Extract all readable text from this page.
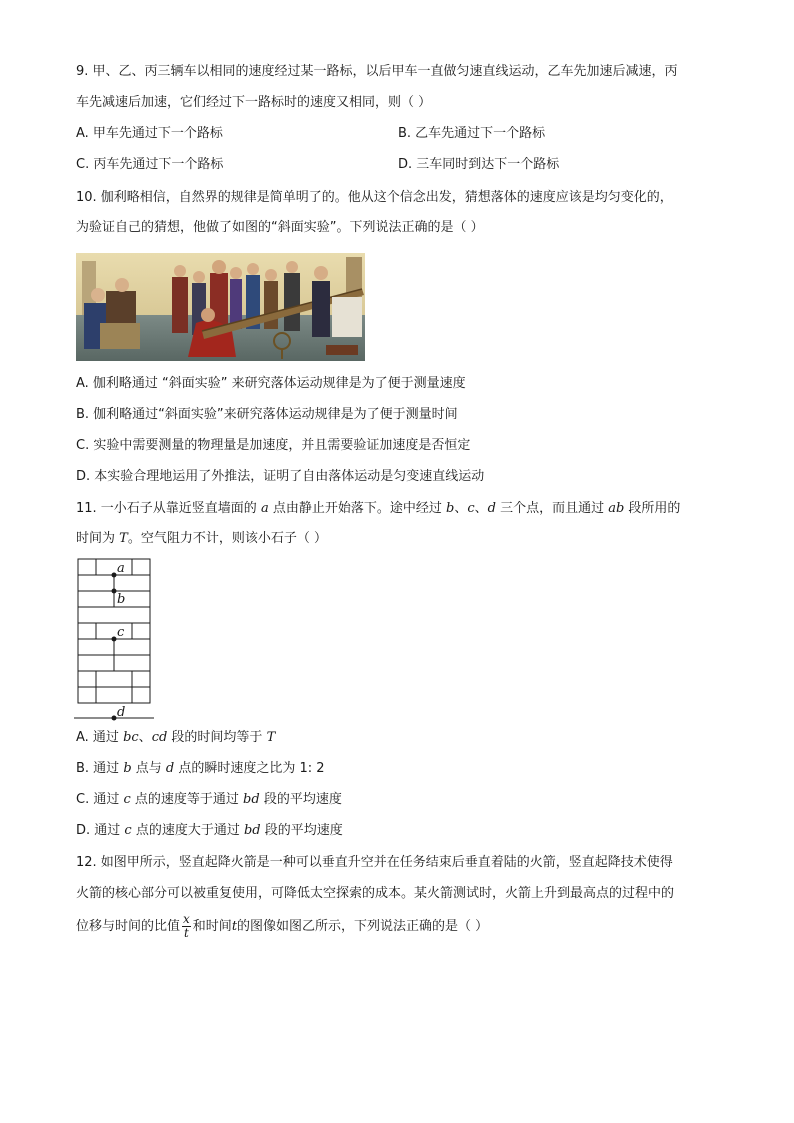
9. 甲、乙、丙三辆车以相同的速度经过某一路标，以后甲车一直做匀速直线运动，乙车先加速后减速，丙
车先减速后加速，它们经过下一路标时的速度又相同，则（ ）
A. 甲车先通过下一个路标	B. 乙车先通过下一个路标
C. 丙车先通过下一个路标	D. 三车同时到达下一个路标
10. 伽利略相信，自然界的规律是简单明了的。他从这个信念出发，猜想落体的速度应该是均匀变化的，
为验证自己的猜想，他做了如图的“斜面实验”。下列说法正确的是（ ）
A. 伽利略通过 “斜面实验” 来研究落体运动规律是为了便于测量速度
B. 伽利略通过“斜面实验”来研究落体运动规律是为了便于测量时间
C. 实验中需要测量的物理量是加速度，并且需要验证加速度是否恒定
D. 本实验合理地运用了外推法，证明了自由落体运动是匀变速直线运动
11. 一小石子从靠近竖直墙面的 a 点由静止开始落下。途中经过 b、c、d 三个点，而且通过 ab 段所用的
时间为 T。空气阻力不计，则该小石子（ ）
a
b
c
d
A. 通过 bc、cd 段的时间均等于 T
B. 通过 b 点与 d 点的瞬时速度之比为 1: 2
C. 通过 c 点的速度等于通过 bd 段的平均速度
D. 通过 c 点的速度大于通过 bd 段的平均速度
12. 如图甲所示，竖直起降火箭是一种可以垂直升空并在任务结束后垂直着陆的火箭，竖直起降技术使得
火箭的核心部分可以被重复使用，可降低太空探索的成本。某火箭测试时，火箭上升到最高点的过程中的
位移与时间的比值 $\frac{x}{t}$ 和时间t的图像如图乙所示，下列说法正确的是（ ）
